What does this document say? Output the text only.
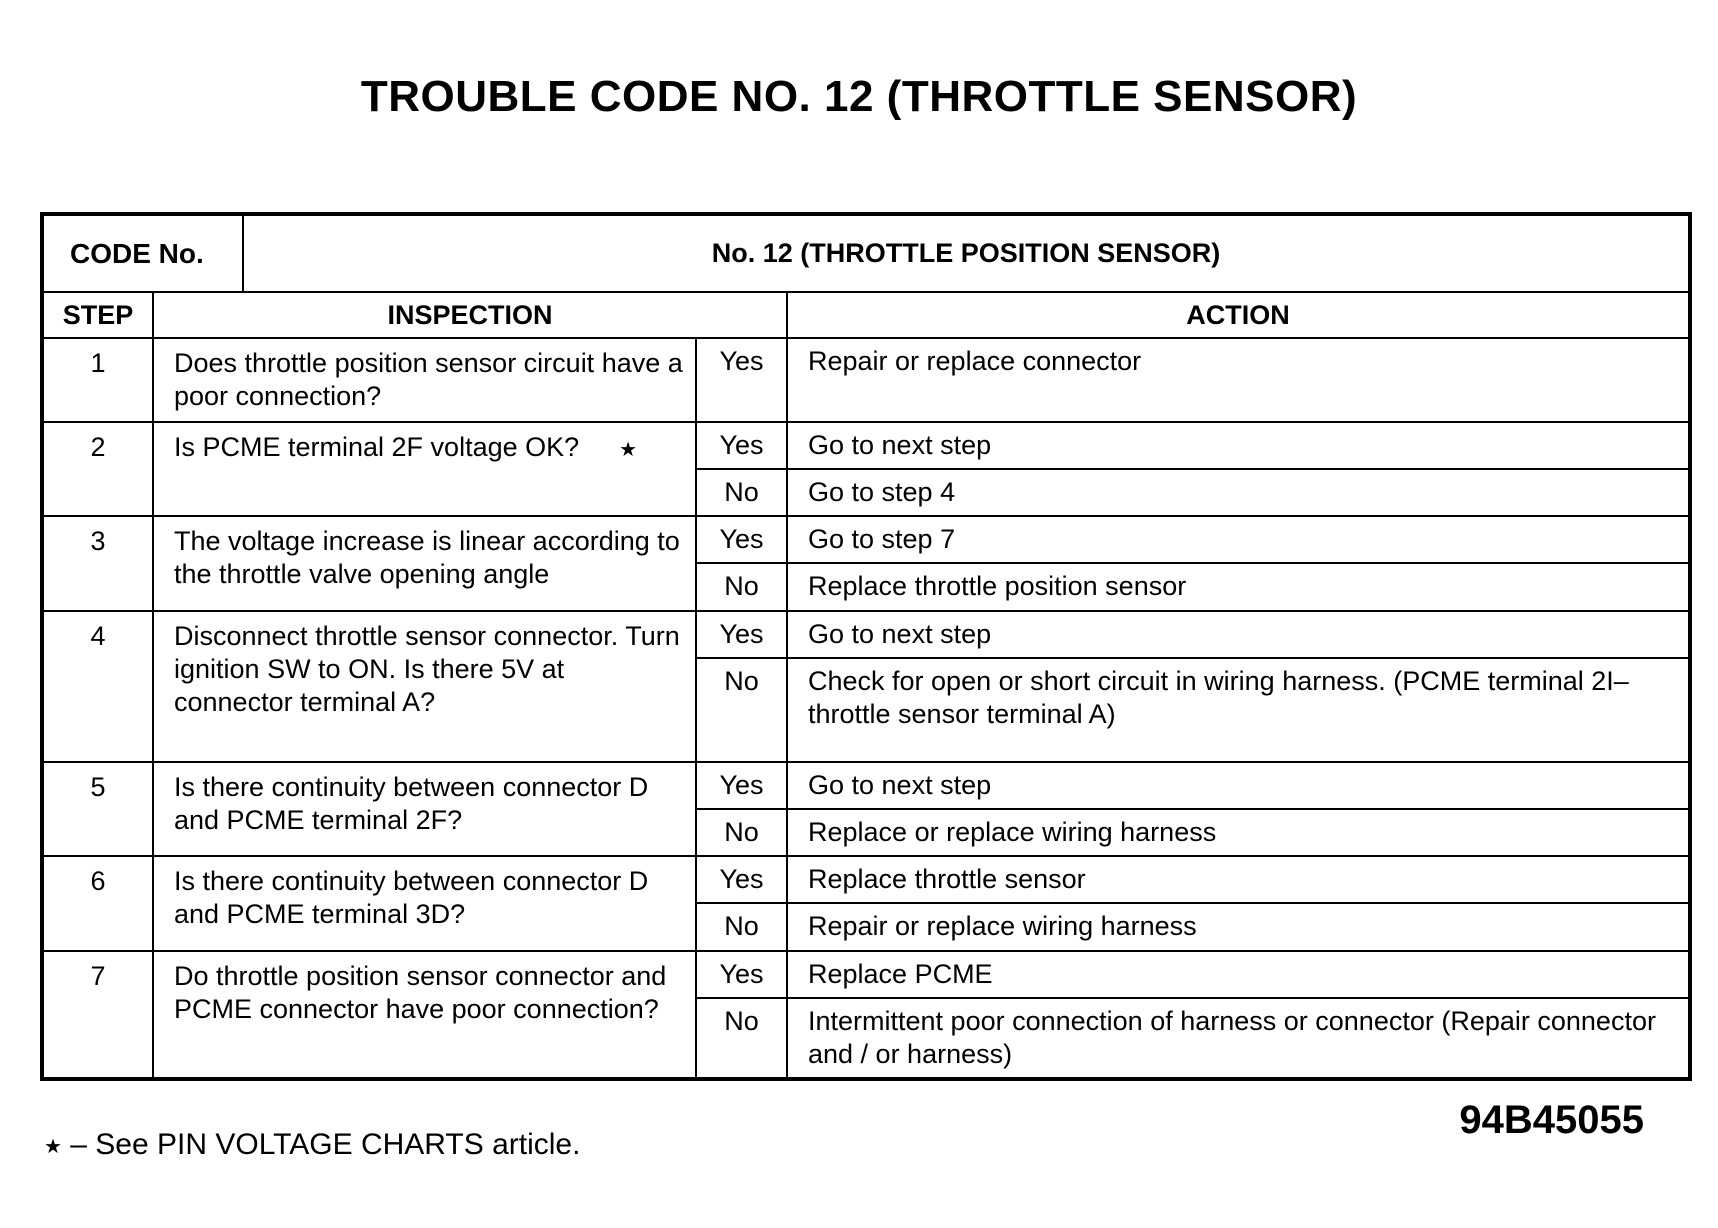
TROUBLE CODE NO. 12 (THROTTLE SENSOR)
CODE No.		No. 12 (THROTTLE POSITION SENSOR)		
STEP	INSPECTION			ACTION
1	Does throttle position sensor circuit have a poor connection?		Yes	Repair or replace connector
2	Is PCME terminal 2F voltage OK? ★		Yes	Go to next step
			No	Go to step 4
3	The voltage increase is linear according to the throttle valve opening angle		Yes	Go to step 7
			No	Replace throttle position sensor
4	Disconnect throttle sensor connector. Turn ignition SW to ON. Is there 5V at connector terminal A?		Yes	Go to next step
			No	Check for open or short circuit in wiring harness. (PCME terminal 2I–throttle sensor terminal A)
5	Is there continuity between connector D and PCME terminal 2F?		Yes	Go to next step
			No	Replace or replace wiring harness
6	Is there continuity between connector D and PCME terminal 3D?		Yes	Replace throttle sensor
			No	Repair or replace wiring harness
7	Do throttle position sensor connector and PCME connector have poor connection?		Yes	Replace PCME
			No	Intermittent poor connection of harness or connector (Repair connector and / or harness)

★ – See PIN VOLTAGE CHARTS article.

94B45055
